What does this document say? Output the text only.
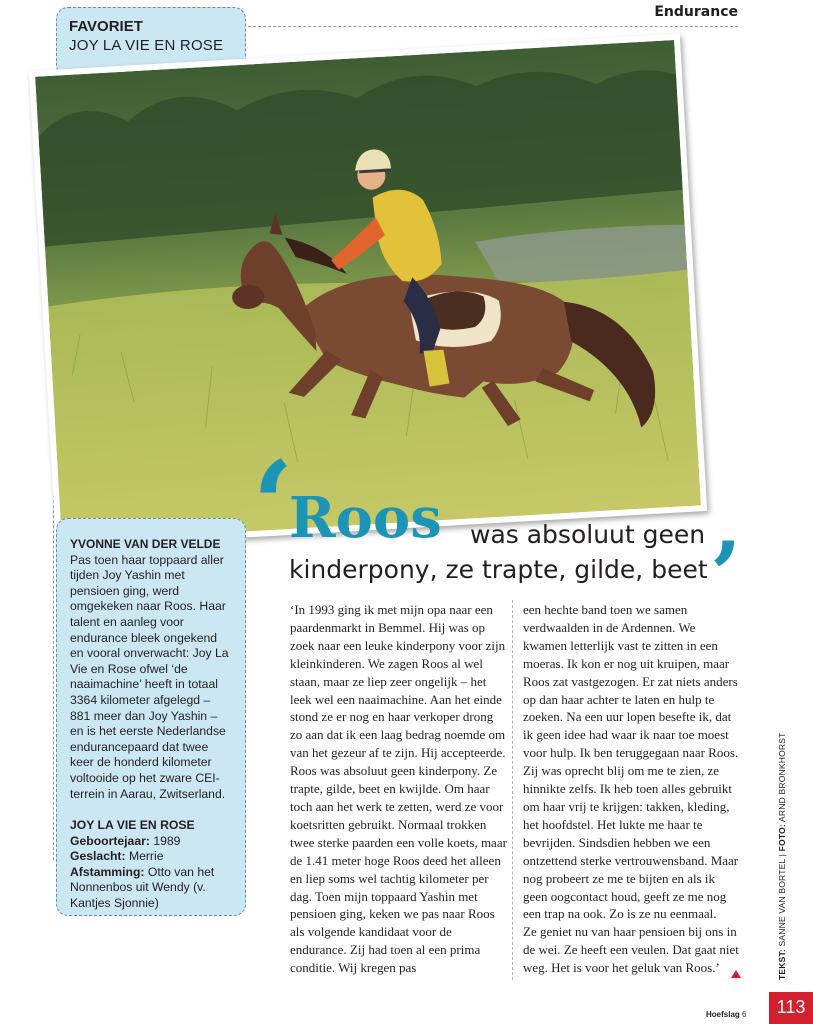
Endurance
FAVORIET
JOY LA VIE EN ROSE
‘
Roos was absoluut geen
kinderpony, ze trapte, gilde, beet ’
YVONNE VAN DER VELDE

Pas toen haar toppaard aller tijden Joy Yashin met pensioen ging, werd omgekeken naar Roos. Haar talent en aanleg voor endurance bleek ongekend en vooral onverwacht: Joy La Vie en Rose ofwel ‘de naaimachine’ heeft in totaal 3364 kilometer afgelegd – 881 meer dan Joy Yashin – en is het eerste Nederlandse endurancepaard dat twee keer de honderd kilometer voltooide op het zware CEI-terrein in Aarau, Zwitserland.

JOY LA VIE EN ROSE
Geboortejaar: 1989
Geslacht: Merrie
Afstamming: Otto van het Nonnenbos uit Wendy (v. Kantjes Sjonnie)

‘In 1993 ging ik met mijn opa naar een paardenmarkt in Bemmel. Hij was op zoek naar een leuke kinderpony voor zijn kleinkinderen. We zagen Roos al wel staan, maar ze liep zeer ongelijk – het leek wel een naaimachine. Aan het einde stond ze er nog en haar verkoper drong zo aan dat ik een laag bedrag noemde om van het gezeur af te zijn. Hij accepteerde.
Roos was absoluut geen kinderpony. Ze trapte, gilde, beet en kwijlde. Om haar toch aan het werk te zetten, werd ze voor koetsritten gebruikt. Normaal trokken twee sterke paarden een volle koets, maar de 1.41 meter hoge Roos deed het alleen en liep soms wel tachtig kilometer per dag. Toen mijn toppaard Yashin met pensioen ging, keken we pas naar Roos als volgende kandidaat voor de endurance. Zij had toen al een prima conditie. Wij kregen pas

een hechte band toen we samen verdwaalden in de Ardennen. We kwamen letterlijk vast te zitten in een moeras. Ik kon er nog uit kruipen, maar Roos zat vastgezogen. Er zat niets anders op dan haar achter te laten en hulp te zoeken. Na een uur lopen besefte ik, dat ik geen idee had waar ik naar toe moest voor hulp. Ik ben teruggegaan naar Roos. Zij was oprecht blij om me te zien, ze hinnikte zelfs. Ik heb toen alles gebruikt om haar vrij te krijgen: takken, kleding, het hoofdstel. Het lukte me haar te bevrijden. Sindsdien hebben we een ontzettend sterke vertrouwensband. Maar nog probeert ze me te bijten en als ik geen oogcontact houd, geeft ze me nog een trap na ook. Zo is ze nu eenmaal.
Ze geniet nu van haar pensioen bij ons in de wei. Ze heeft een veulen. Dat gaat niet weg. Het is voor het geluk van Roos.’	TEKST: SANNE VAN BORTEL | FOTO: ARND BRONKHORST
Hoefslag 6	113
